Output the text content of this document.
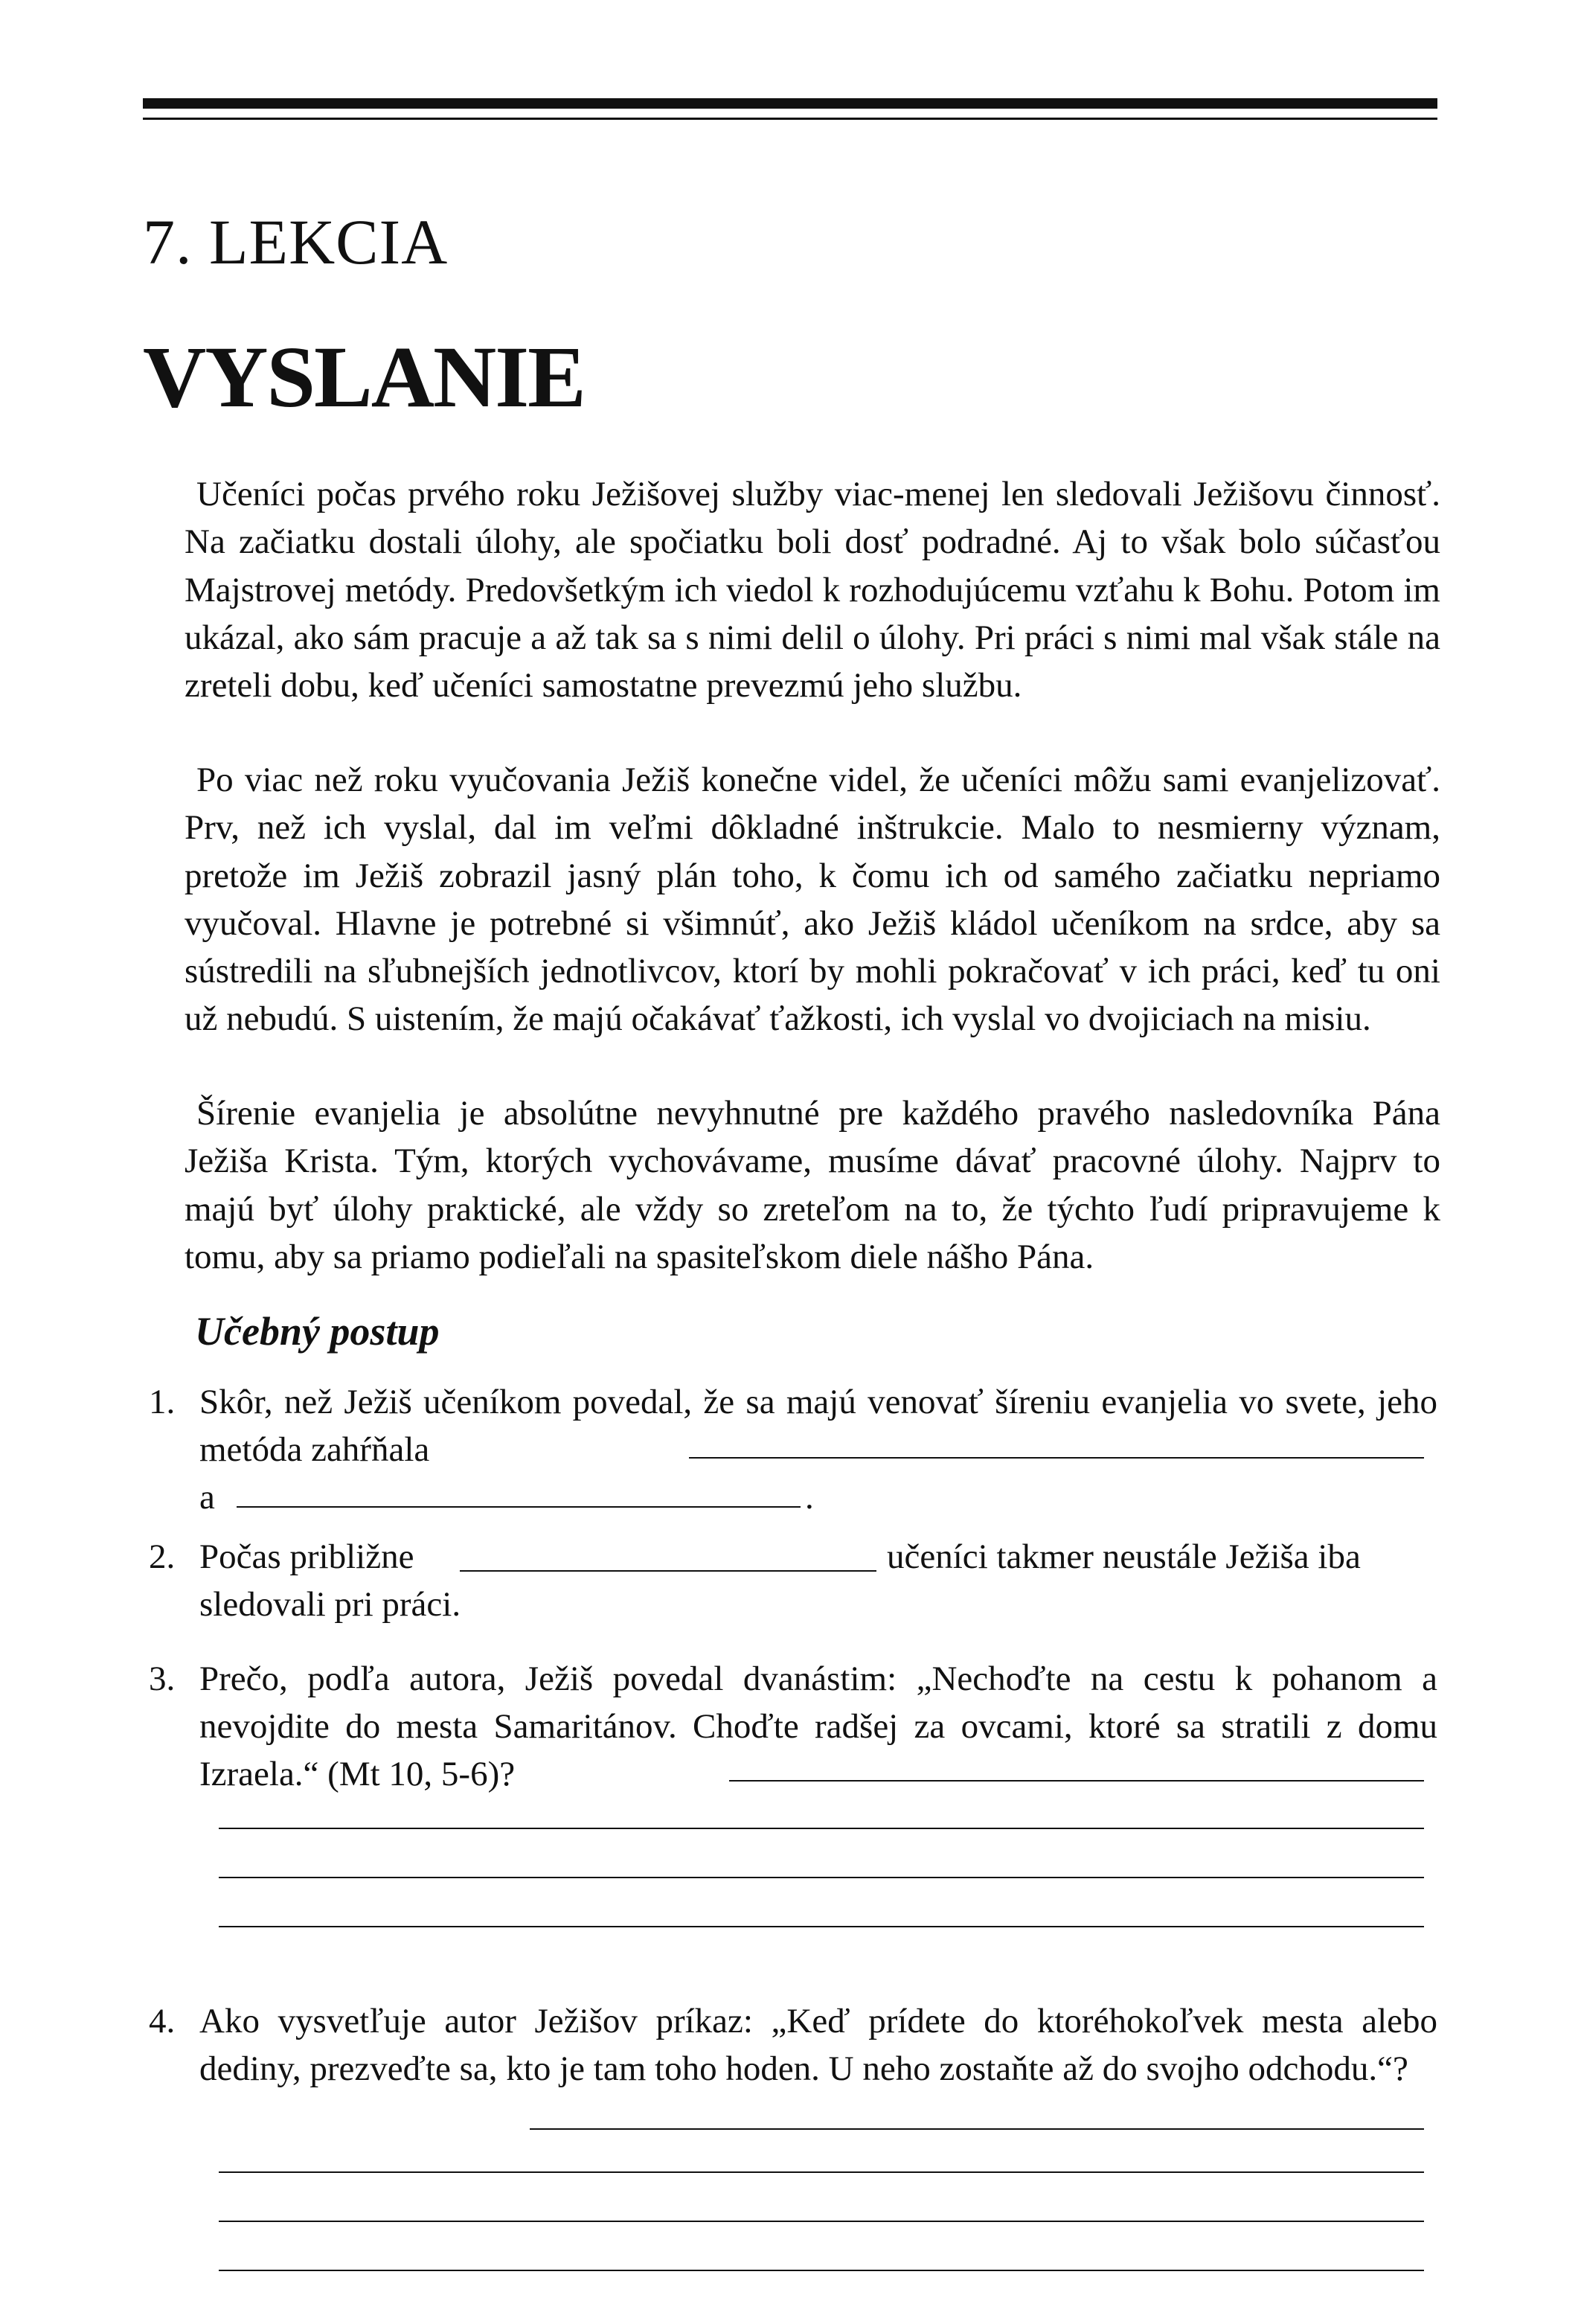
7. LEKCIA
VYSLANIE

Učeníci počas prvého roku Ježišovej služby viac-menej len sledovali Ježišovu činnosť. Na začiatku dostali úlohy, ale spočiatku boli dosť podradné. Aj to však bolo súčasťou Majstrovej metódy. Predovšetkým ich viedol k rozhodujúcemu vzťahu k Bohu. Potom im ukázal, ako sám pracuje a až tak sa s nimi delil o úlohy. Pri práci s nimi mal však stále na zreteli dobu, keď učeníci samostatne prevezmú jeho službu.

Po viac než roku vyučovania Ježiš konečne videl, že učeníci môžu sami evanjelizovať. Prv, než ich vyslal, dal im veľmi dôkladné inštrukcie. Malo to nesmierny význam, pretože im Ježiš zobrazil jasný plán toho, k čomu ich od samého začiatku nepriamo vyučoval. Hlavne je potrebné si všimnúť, ako Ježiš kládol učeníkom na srdce, aby sa sústredili na sľubnejších jednotlivcov, ktorí by mohli pokračovať v ich práci, keď tu oni už nebudú. S uistením, že majú očakávať ťažkosti, ich vyslal vo dvojiciach na misiu.

Šírenie evanjelia je absolútne nevyhnutné pre každého pravého nasledovníka Pána Ježiša Krista. Tým, ktorých vychovávame, musíme dávať pracovné úlohy. Najprv to majú byť úlohy praktické, ale vždy so zreteľom na to, že týchto ľudí pripravujeme k tomu, aby sa priamo podieľali na spasiteľskom diele nášho Pána.

Učebný postup
1. Skôr, než Ježiš učeníkom povedal, že sa majú venovať šíreniu evanjelia vo svete, jeho metóda zahŕňala

a	.
2. Počas približne	učeníci takmer neustále Ježiša iba
sledovali pri práci.
3. Prečo, podľa autora, Ježiš povedal dvanástim: „Nechoďte na cestu k pohanom a nevojdite do mesta Samaritánov. Choďte radšej za ovcami, ktoré sa stratili z domu Izraela.“ (Mt 10, 5-6)?

4. Ako vysvetľuje autor Ježišov príkaz: „Keď prídete do ktoréhokoľvek mesta alebo dediny, prezveďte sa, kto je tam toho hoden. U neho zostaňte až do svojho odchodu.“?
